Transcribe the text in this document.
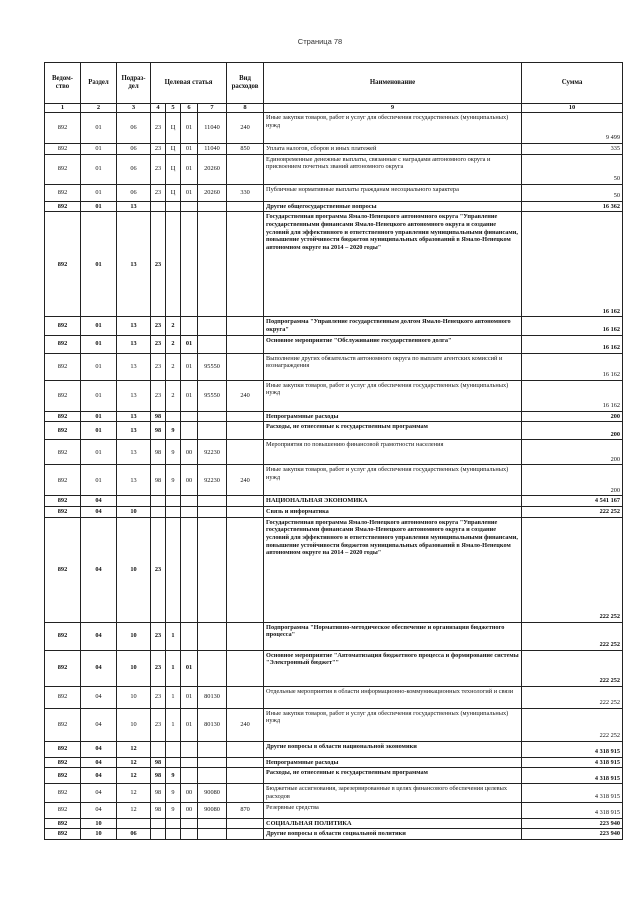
Страница 78
Ведом-ство	Раздел	Подраз-дел	Целевая статья				Вид расходов	Наименование	Сумма
1	2	3	4	5	6	7	8	9	10
892	01	06	23	Ц	01	11040	240	Иные закупки товаров, работ и услуг для обеспечения государственных (муниципальных) нужд	9 499
892	01	06	23	Ц	01	11040	850	Уплата налогов, сборов и иных платежей	335
892	01	06	23	Ц	01	20260		Единовременные денежные выплаты, связанные с наградами автономного округа и присвоением почетных званий автономного округа	50
892	01	06	23	Ц	01	20260	330	Публичные нормативные выплаты гражданам несоциального характера	50
892	01	13						Другие общегосударственные вопросы	16 362
892	01	13	23					Государственная программа Ямало-Ненецкого автономного округа "Управление государственными финансами Ямало-Ненецкого автономного округа и создание условий для эффективного и ответственного управления муниципальными финансами, повышение устойчивости бюджетов муниципальных образований в Ямало-Ненецком автономном округе на 2014 – 2020 годы"	16 162
892	01	13	23	2				Подпрограмма "Управление государственным долгом Ямало-Ненецкого автономного округа"	16 162
892	01	13	23	2	01			Основное мероприятие "Обслуживание государственного долга"	16 162
892	01	13	23	2	01	95550		Выполнение других обязательств автономного округа по выплате агентских комиссий и вознаграждения	16 162
892	01	13	23	2	01	95550	240	Иные закупки товаров, работ и услуг для обеспечения государственных (муниципальных) нужд	16 162
892	01	13	98					Непрограммные расходы	200
892	01	13	98	9				Расходы, не отнесенные к государственным программам	200
892	01	13	98	9	00	92230		Мероприятия по повышению финансовой грамотности населения	200
892	01	13	98	9	00	92230	240	Иные закупки товаров, работ и услуг для обеспечения государственных (муниципальных) нужд	200
892	04							НАЦИОНАЛЬНАЯ ЭКОНОМИКА	4 541 167
892	04	10						Связь и информатика	222 252
892	04	10	23					Государственная программа Ямало-Ненецкого автономного округа "Управление государственными финансами Ямало-Ненецкого автономного округа и создание условий для эффективного и ответственного управления муниципальными финансами, повышение устойчивости бюджетов муниципальных образований в Ямало-Ненецком автономном округе на 2014 – 2020 годы"	222 252
892	04	10	23	1				Подпрограмма "Нормативно-методическое обеспечение и организация бюджетного процесса"	222 252
892	04	10	23	1	01			Основное мероприятие "Автоматизация бюджетного процесса и формирование системы "Электронный бюджет""	222 252
892	04	10	23	1	01	80130		Отдельные мероприятия в области информационно-коммуникационных технологий и связи	222 252
892	04	10	23	1	01	80130	240	Иные закупки товаров, работ и услуг для обеспечения государственных (муниципальных) нужд	222 252
892	04	12						Другие вопросы в области национальной экономики	4 318 915
892	04	12	98					Непрограммные расходы	4 318 915
892	04	12	98	9				Расходы, не отнесенные к государственным программам	4 318 915
892	04	12	98	9	00	90080		Бюджетные ассигнования, зарезервированные в целях финансового обеспечения целевых расходов	4 318 915
892	04	12	98	9	00	90080	870	Резервные средства	4 318 915
892	10							СОЦИАЛЬНАЯ ПОЛИТИКА	223 940
892	10	06						Другие вопросы в области социальной политики	223 940
